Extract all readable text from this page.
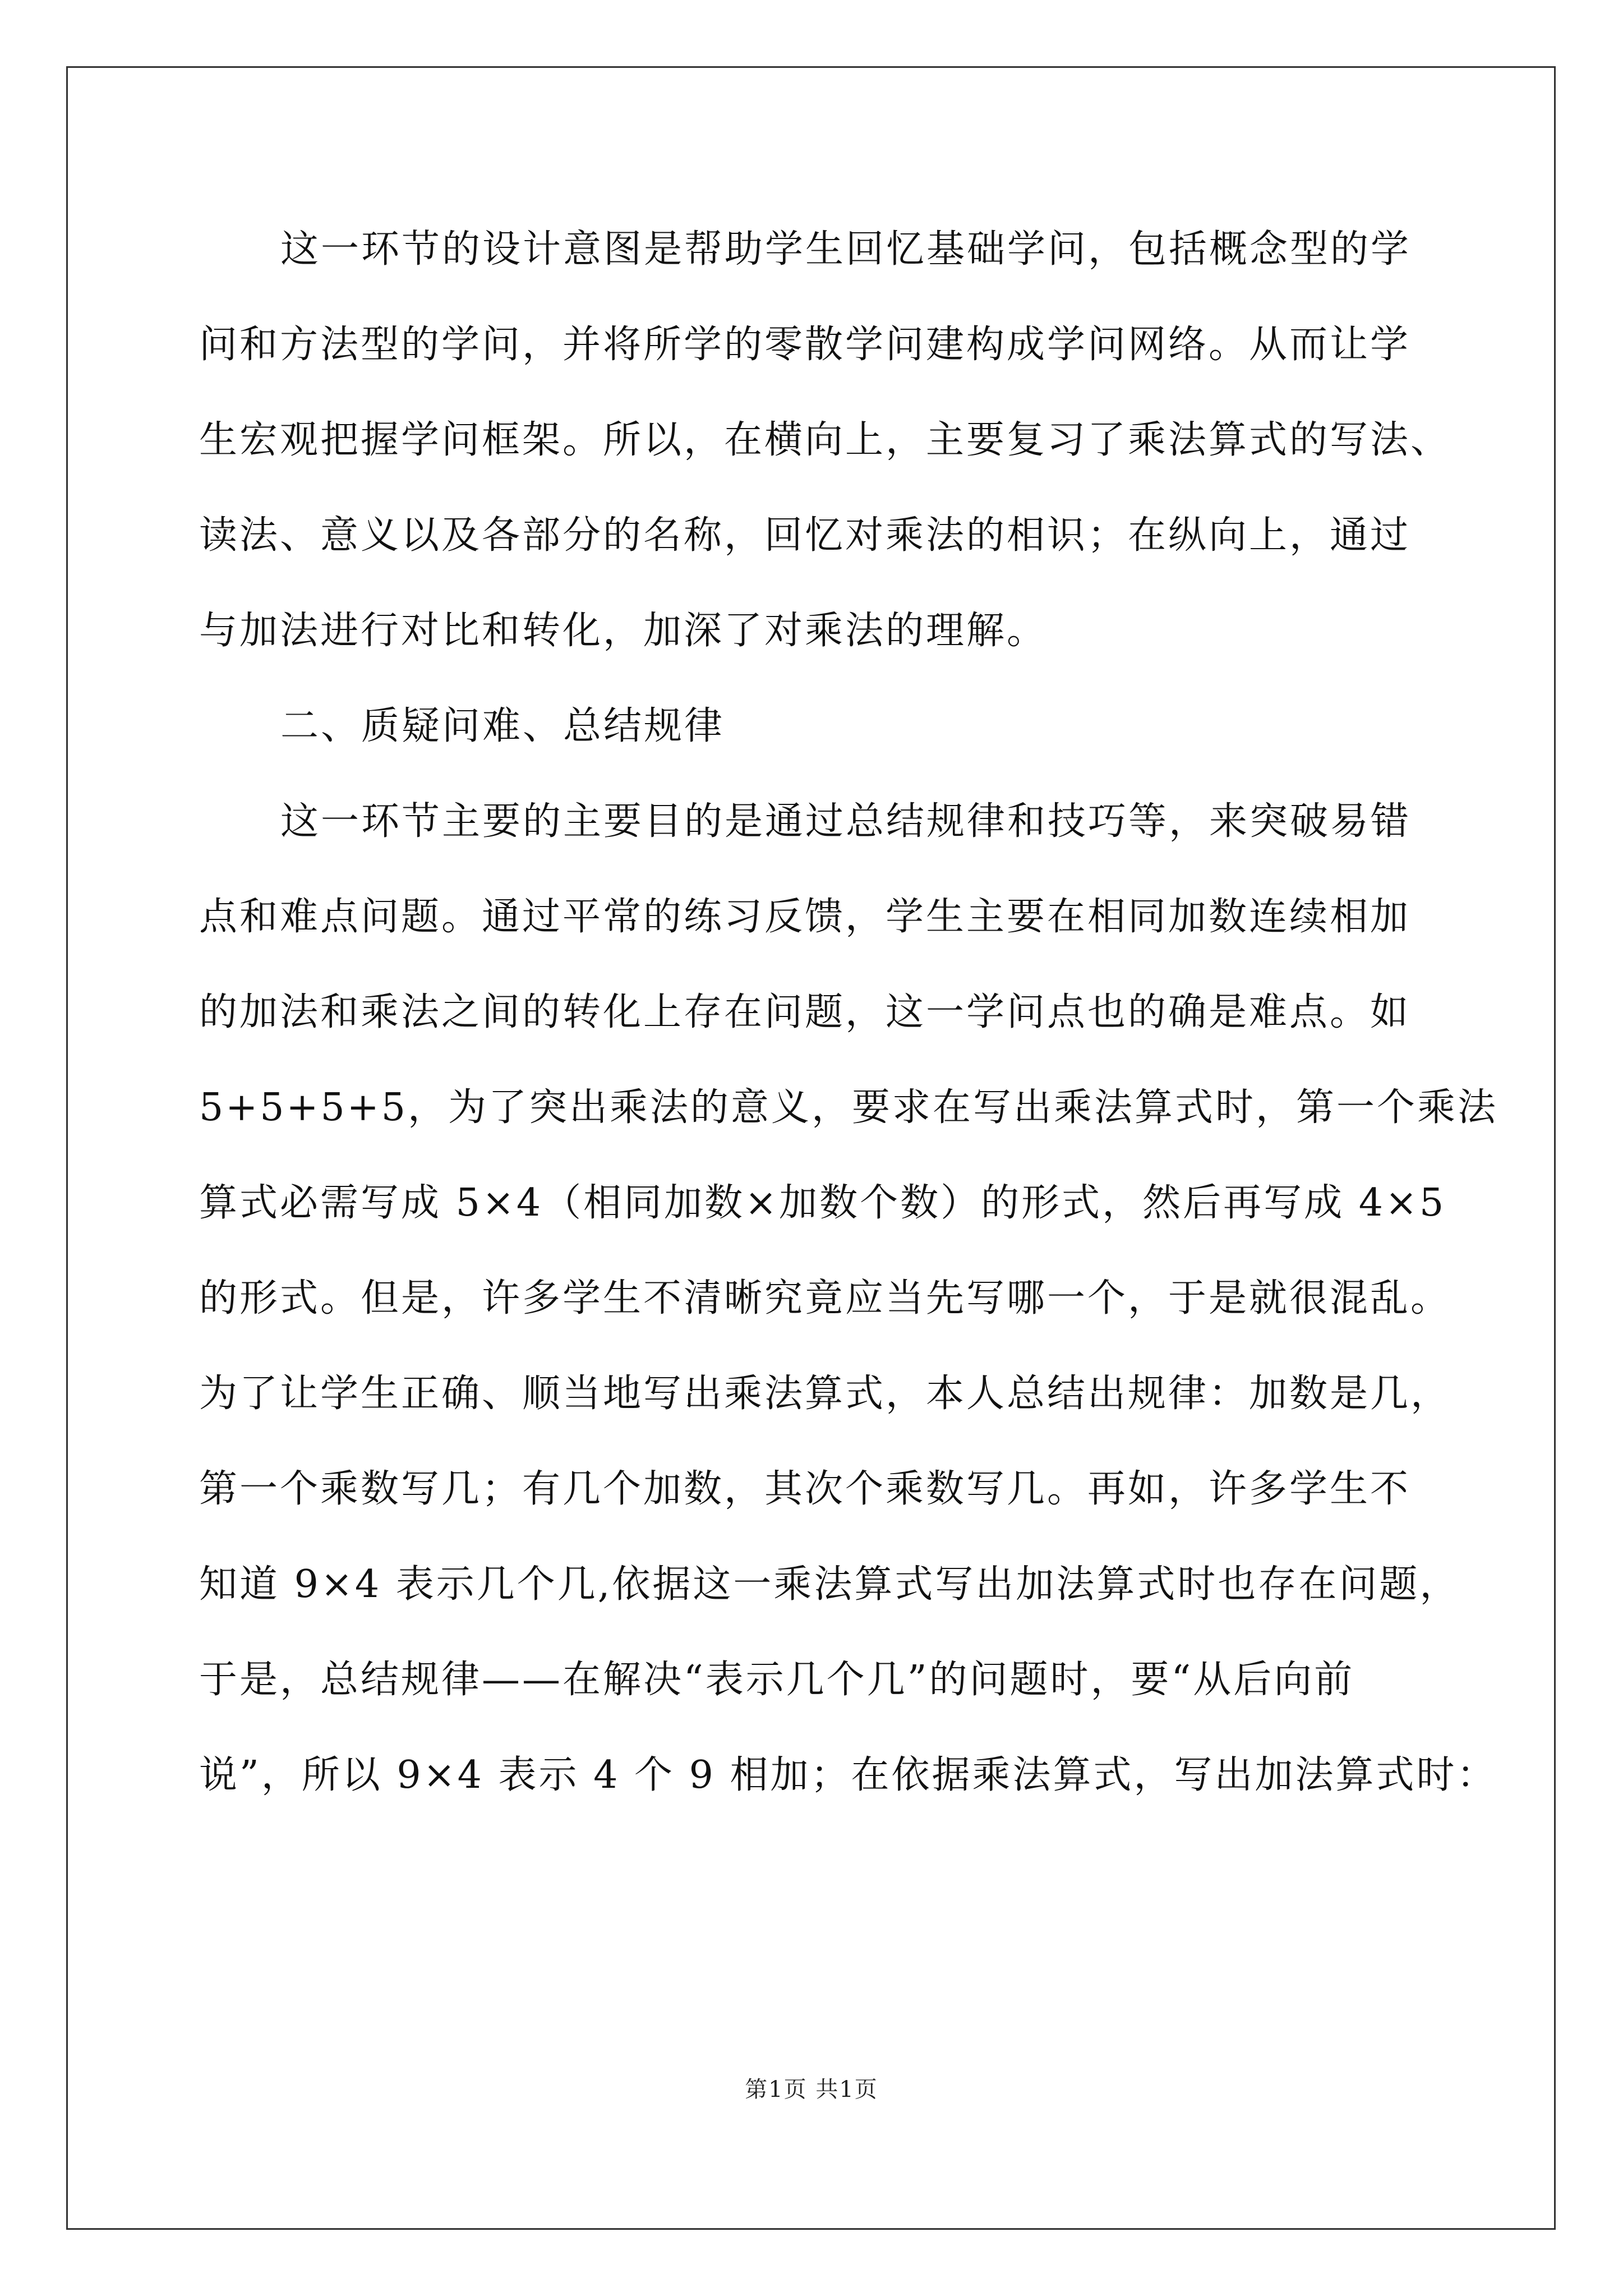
这一环节的设计意图是帮助学生回忆基础学问，包括概念型的学
问和方法型的学问，并将所学的零散学问建构成学问网络。从而让学
生宏观把握学问框架。所以，在横向上，主要复习了乘法算式的写法、
读法、意义以及各部分的名称，回忆对乘法的相识；在纵向上，通过
与加法进行对比和转化，加深了对乘法的理解。
二、质疑问难、总结规律
这一环节主要的主要目的是通过总结规律和技巧等，来突破易错
点和难点问题。通过平常的练习反馈，学生主要在相同加数连续相加
的加法和乘法之间的转化上存在问题，这一学问点也的确是难点。如
5+5+5+5，为了突出乘法的意义，要求在写出乘法算式时，第一个乘法
算式必需写成 5×4（相同加数×加数个数）的形式，然后再写成 4×5
的形式。但是，许多学生不清晰究竟应当先写哪一个，于是就很混乱。
为了让学生正确、顺当地写出乘法算式，本人总结出规律：加数是几，
第一个乘数写几；有几个加数，其次个乘数写几。再如，许多学生不
知道 9×4 表示几个几,依据这一乘法算式写出加法算式时也存在问题，
于是，总结规律——在解决“表示几个几”的问题时，要“从后向前
说”，所以 9×4 表示 4 个 9 相加；在依据乘法算式，写出加法算式时：
第1页 共1页
